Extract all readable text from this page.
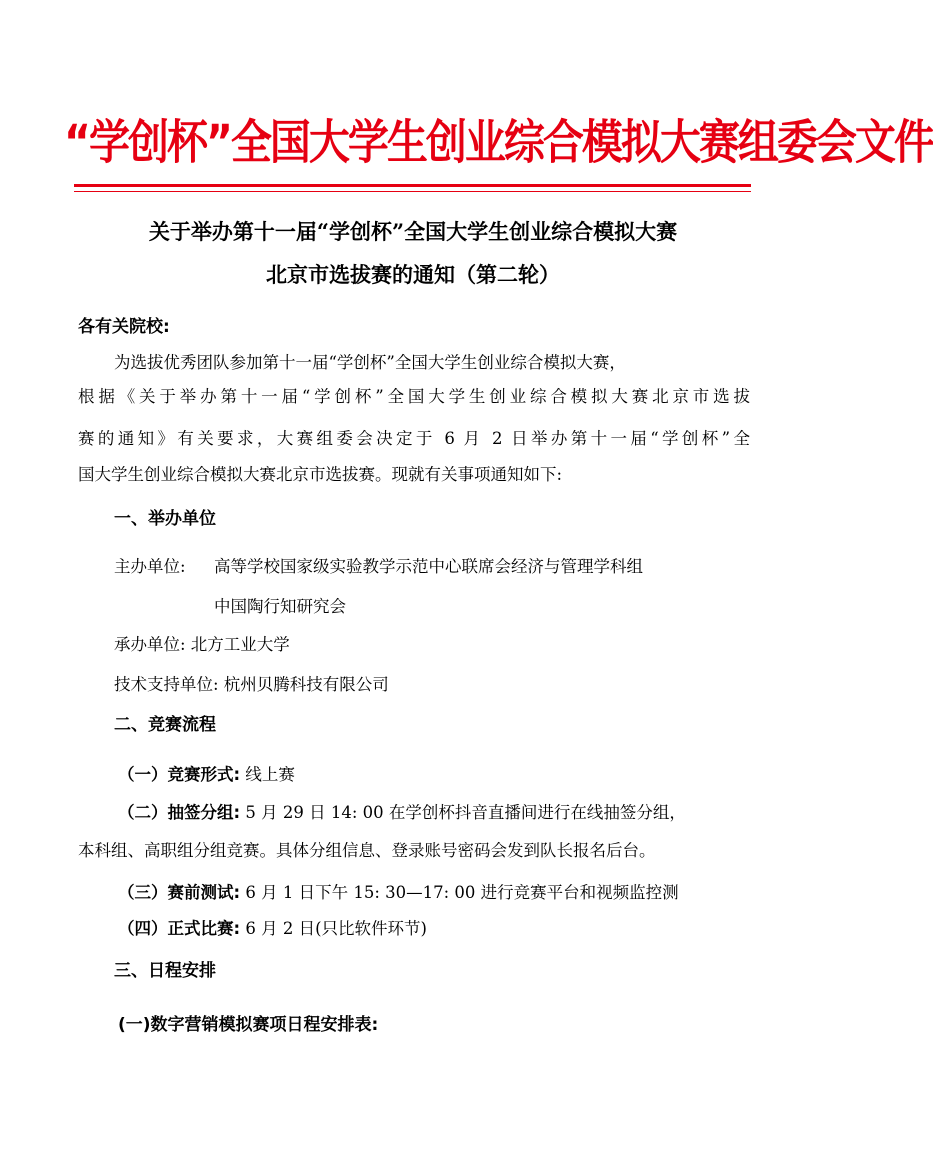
“学创杯”全国大学生创业综合模拟大赛组委会文件
关于举办第十一届“学创杯”全国大学生创业综合模拟大赛
北京市选拔赛的通知（第二轮）
各有关院校:
为选拔优秀团队参加第十一届“学创杯”全国大学生创业综合模拟大赛，
根据《关于举办第十一届“学创杯”全国大学生创业综合模拟大赛北京市选拔
赛的通知》有关要求，大赛组委会决定于 6 月 2 日举办第十一届“学创杯”全
国大学生创业综合模拟大赛北京市选拔赛。现就有关事项通知如下:
一、举办单位
主办单位:	高等学校国家级实验教学示范中心联席会经济与管理学科组
中国陶行知研究会
承办单位: 北方工业大学
技术支持单位: 杭州贝腾科技有限公司
二、竞赛流程
（一）竞赛形式: 线上赛
（二）抽签分组: 5 月 29 日 14: 00 在学创杯抖音直播间进行在线抽签分组，
本科组、高职组分组竞赛。具体分组信息、登录账号密码会发到队长报名后台。
（三）赛前测试: 6 月 1 日下午 15: 30—17: 00 进行竞赛平台和视频监控测
（四）正式比赛: 6 月 2 日(只比软件环节)
三、日程安排
(一)数字营销模拟赛项日程安排表:
